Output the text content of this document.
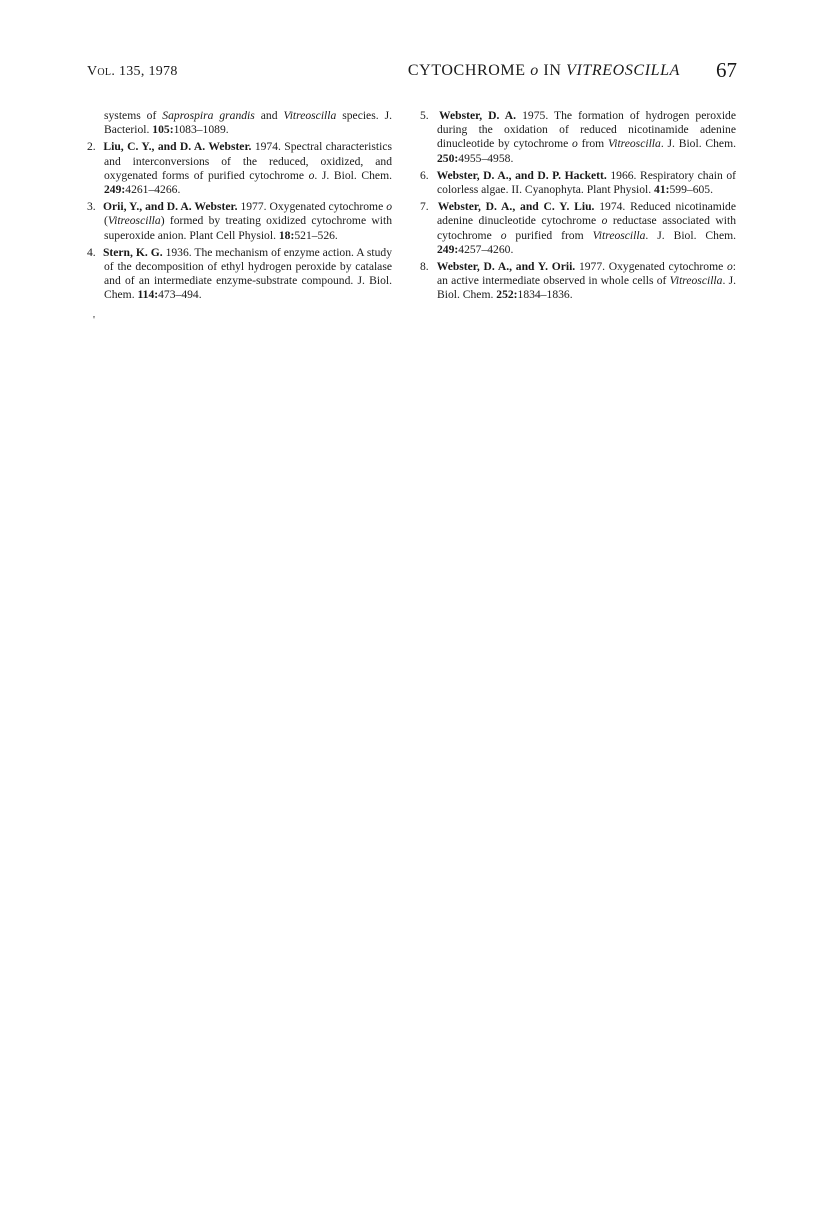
Vol. 135, 1978	CYTOCHROME o IN VITREOSCILLA 67

systems of Saprospira grandis and Vitreoscilla species. J. Bacteriol. 105:1083–1089.

2. Liu, C. Y., and D. A. Webster. 1974. Spectral characteristics and interconversions of the reduced, oxidized, and oxygenated forms of purified cytochrome o. J. Biol. Chem. 249:4261–4266.

3. Orii, Y., and D. A. Webster. 1977. Oxygenated cytochrome o (Vitreoscilla) formed by treating oxidized cytochrome with superoxide anion. Plant Cell Physiol. 18:521–526.

4. Stern, K. G. 1936. The mechanism of enzyme action. A study of the decomposition of ethyl hydrogen peroxide by catalase and of an intermediate enzyme-substrate compound. J. Biol. Chem. 114:473–494.

'

5. Webster, D. A. 1975. The formation of hydrogen peroxide during the oxidation of reduced nicotinamide adenine dinucleotide by cytochrome o from Vitreoscilla. J. Biol. Chem. 250:4955–4958.

6. Webster, D. A., and D. P. Hackett. 1966. Respiratory chain of colorless algae. II. Cyanophyta. Plant Physiol. 41:599–605.

7. Webster, D. A., and C. Y. Liu. 1974. Reduced nicotinamide adenine dinucleotide cytochrome o reductase associated with cytochrome o purified from Vitreoscilla. J. Biol. Chem. 249:4257–4260.

8. Webster, D. A., and Y. Orii. 1977. Oxygenated cytochrome o: an active intermediate observed in whole cells of Vitreoscilla. J. Biol. Chem. 252:1834–1836.
